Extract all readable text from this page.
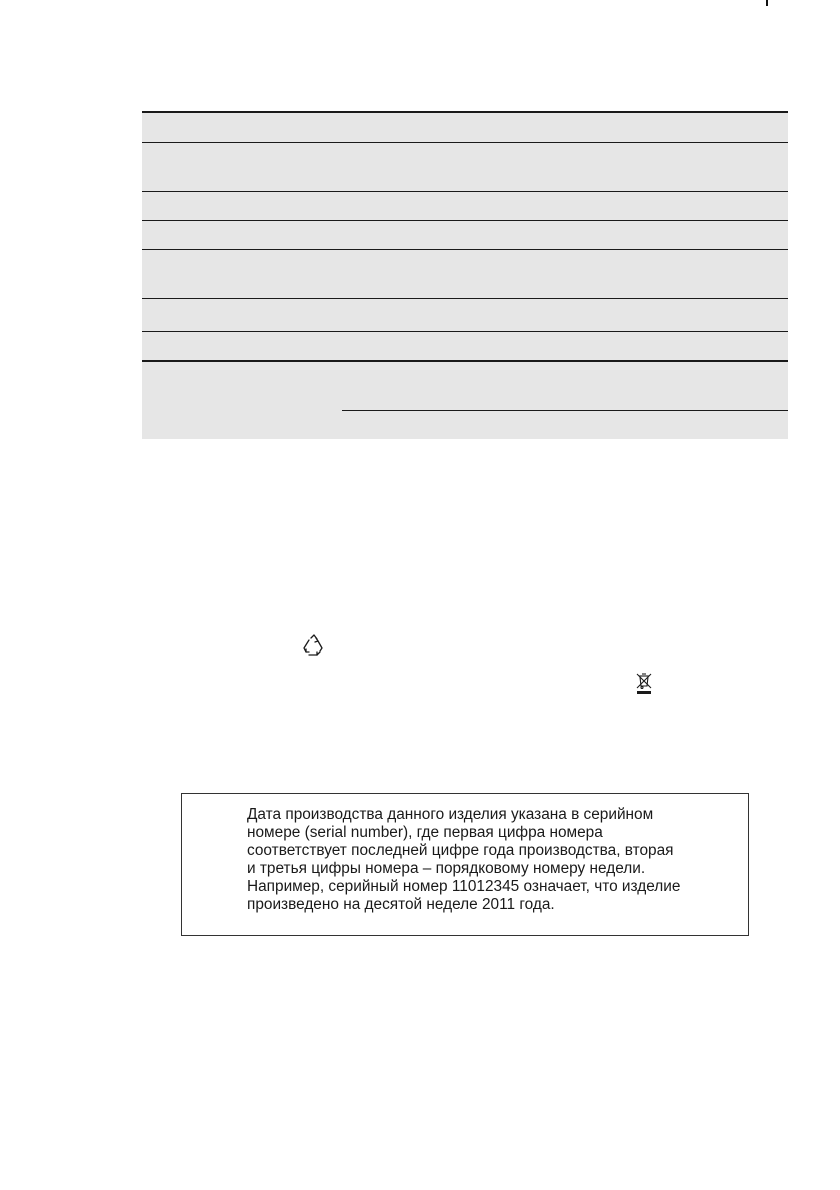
Дата производства данного изделия указана в серийном
номере (serial number), где первая цифра номера
соответствует последней цифре года производства, вторая
и третья цифры номера – порядковому номеру недели.
Например, серийный номер 11012345 означает, что изделие
произведено на десятой неделе 2011 года.
